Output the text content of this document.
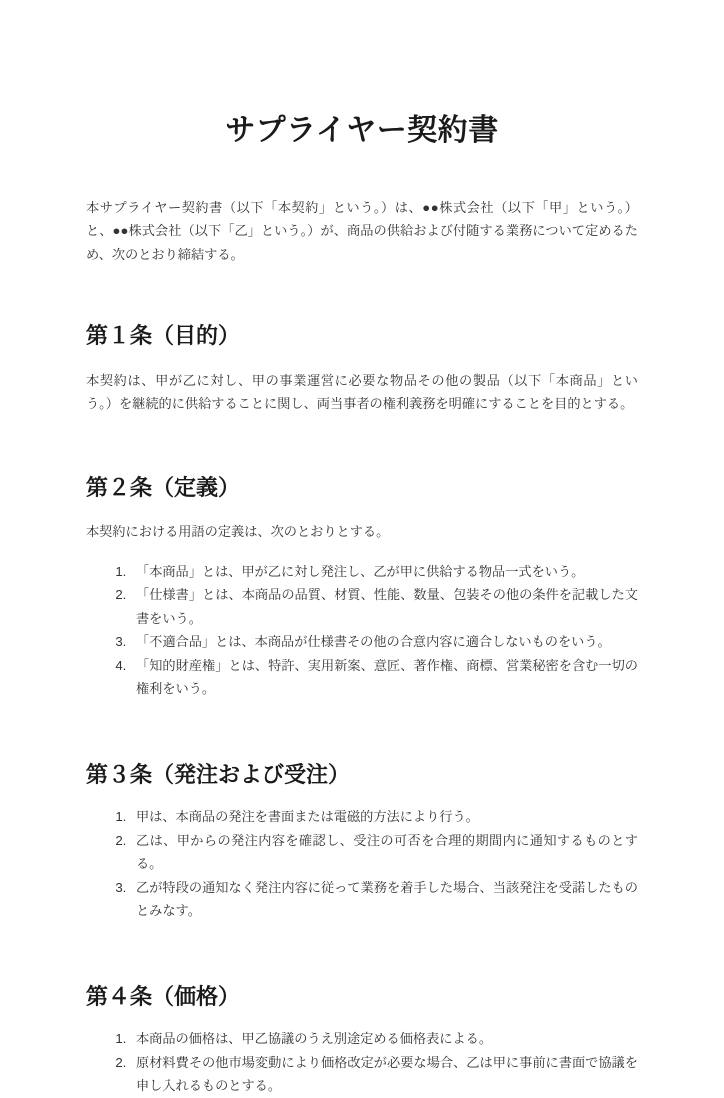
サプライヤー契約書

本サプライヤー契約書（以下「本契約」という。）は、●●株式会社（以下「甲」という。）と、●●株式会社（以下「乙」という。）が、商品の供給および付随する業務について定めるため、次のとおり締結する。

第１条（目的）

本契約は、甲が乙に対し、甲の事業運営に必要な物品その他の製品（以下「本商品」という。）を継続的に供給することに関し、両当事者の権利義務を明確にすることを目的とする。

第２条（定義）

本契約における用語の定義は、次のとおりとする。

1. 「本商品」とは、甲が乙に対し発注し、乙が甲に供給する物品一式をいう。
2. 「仕様書」とは、本商品の品質、材質、性能、数量、包装その他の条件を記載した文書をいう。
3. 「不適合品」とは、本商品が仕様書その他の合意内容に適合しないものをいう。
4. 「知的財産権」とは、特許、実用新案、意匠、著作権、商標、営業秘密を含む一切の権利をいう。
第３条（発注および受注）
1. 甲は、本商品の発注を書面または電磁的方法により行う。
2. 乙は、甲からの発注内容を確認し、受注の可否を合理的期間内に通知するものとする。
3. 乙が特段の通知なく発注内容に従って業務を着手した場合、当該発注を受諾したものとみなす。
第４条（価格）
1. 本商品の価格は、甲乙協議のうえ別途定める価格表による。
2. 原材料費その他市場変動により価格改定が必要な場合、乙は甲に事前に書面で協議を申し入れるものとする。
